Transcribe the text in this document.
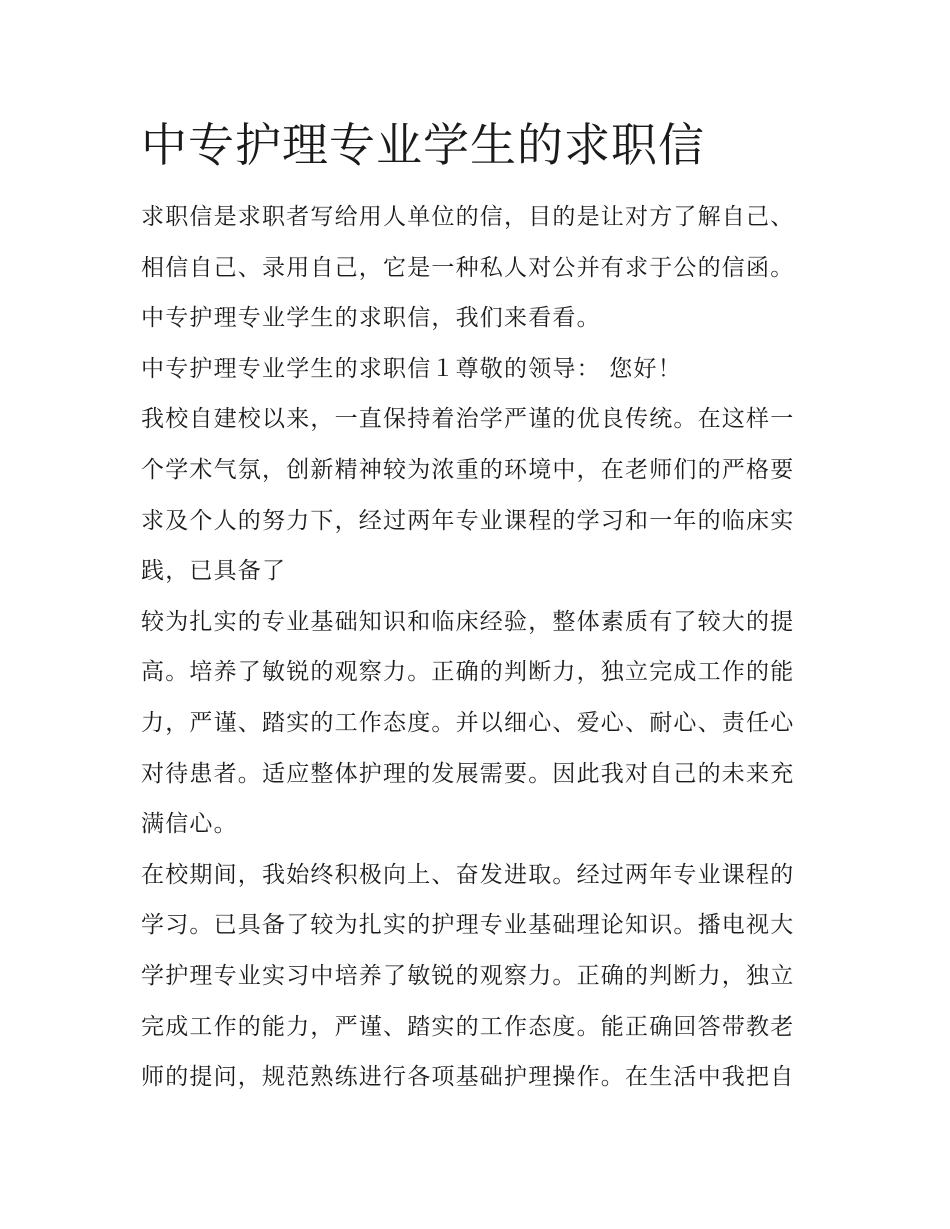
中专护理专业学生的求职信

求职信是求职者写给用人单位的信，目的是让对方了解自己、

相信自己、录用自己，它是一种私人对公并有求于公的信函。

中专护理专业学生的求职信，我们来看看。

中专护理专业学生的求职信１尊敬的领导： 您好！

我校自建校以来，一直保持着治学严谨的优良传统。在这样一

个学术气氛，创新精神较为浓重的环境中，在老师们的严格要

求及个人的努力下，经过两年专业课程的学习和一年的临床实

践，已具备了

较为扎实的专业基础知识和临床经验，整体素质有了较大的提

高。培养了敏锐的观察力。正确的判断力，独立完成工作的能

力，严谨、踏实的工作态度。并以细心、爱心、耐心、责任心

对待患者。适应整体护理的发展需要。因此我对自己的未来充

满信心。

在校期间，我始终积极向上、奋发进取。经过两年专业课程的

学习。已具备了较为扎实的护理专业基础理论知识。播电视大

学护理专业实习中培养了敏锐的观察力。正确的判断力，独立

完成工作的能力，严谨、踏实的工作态度。能正确回答带教老

师的提问，规范熟练进行各项基础护理操作。在生活中我把自
